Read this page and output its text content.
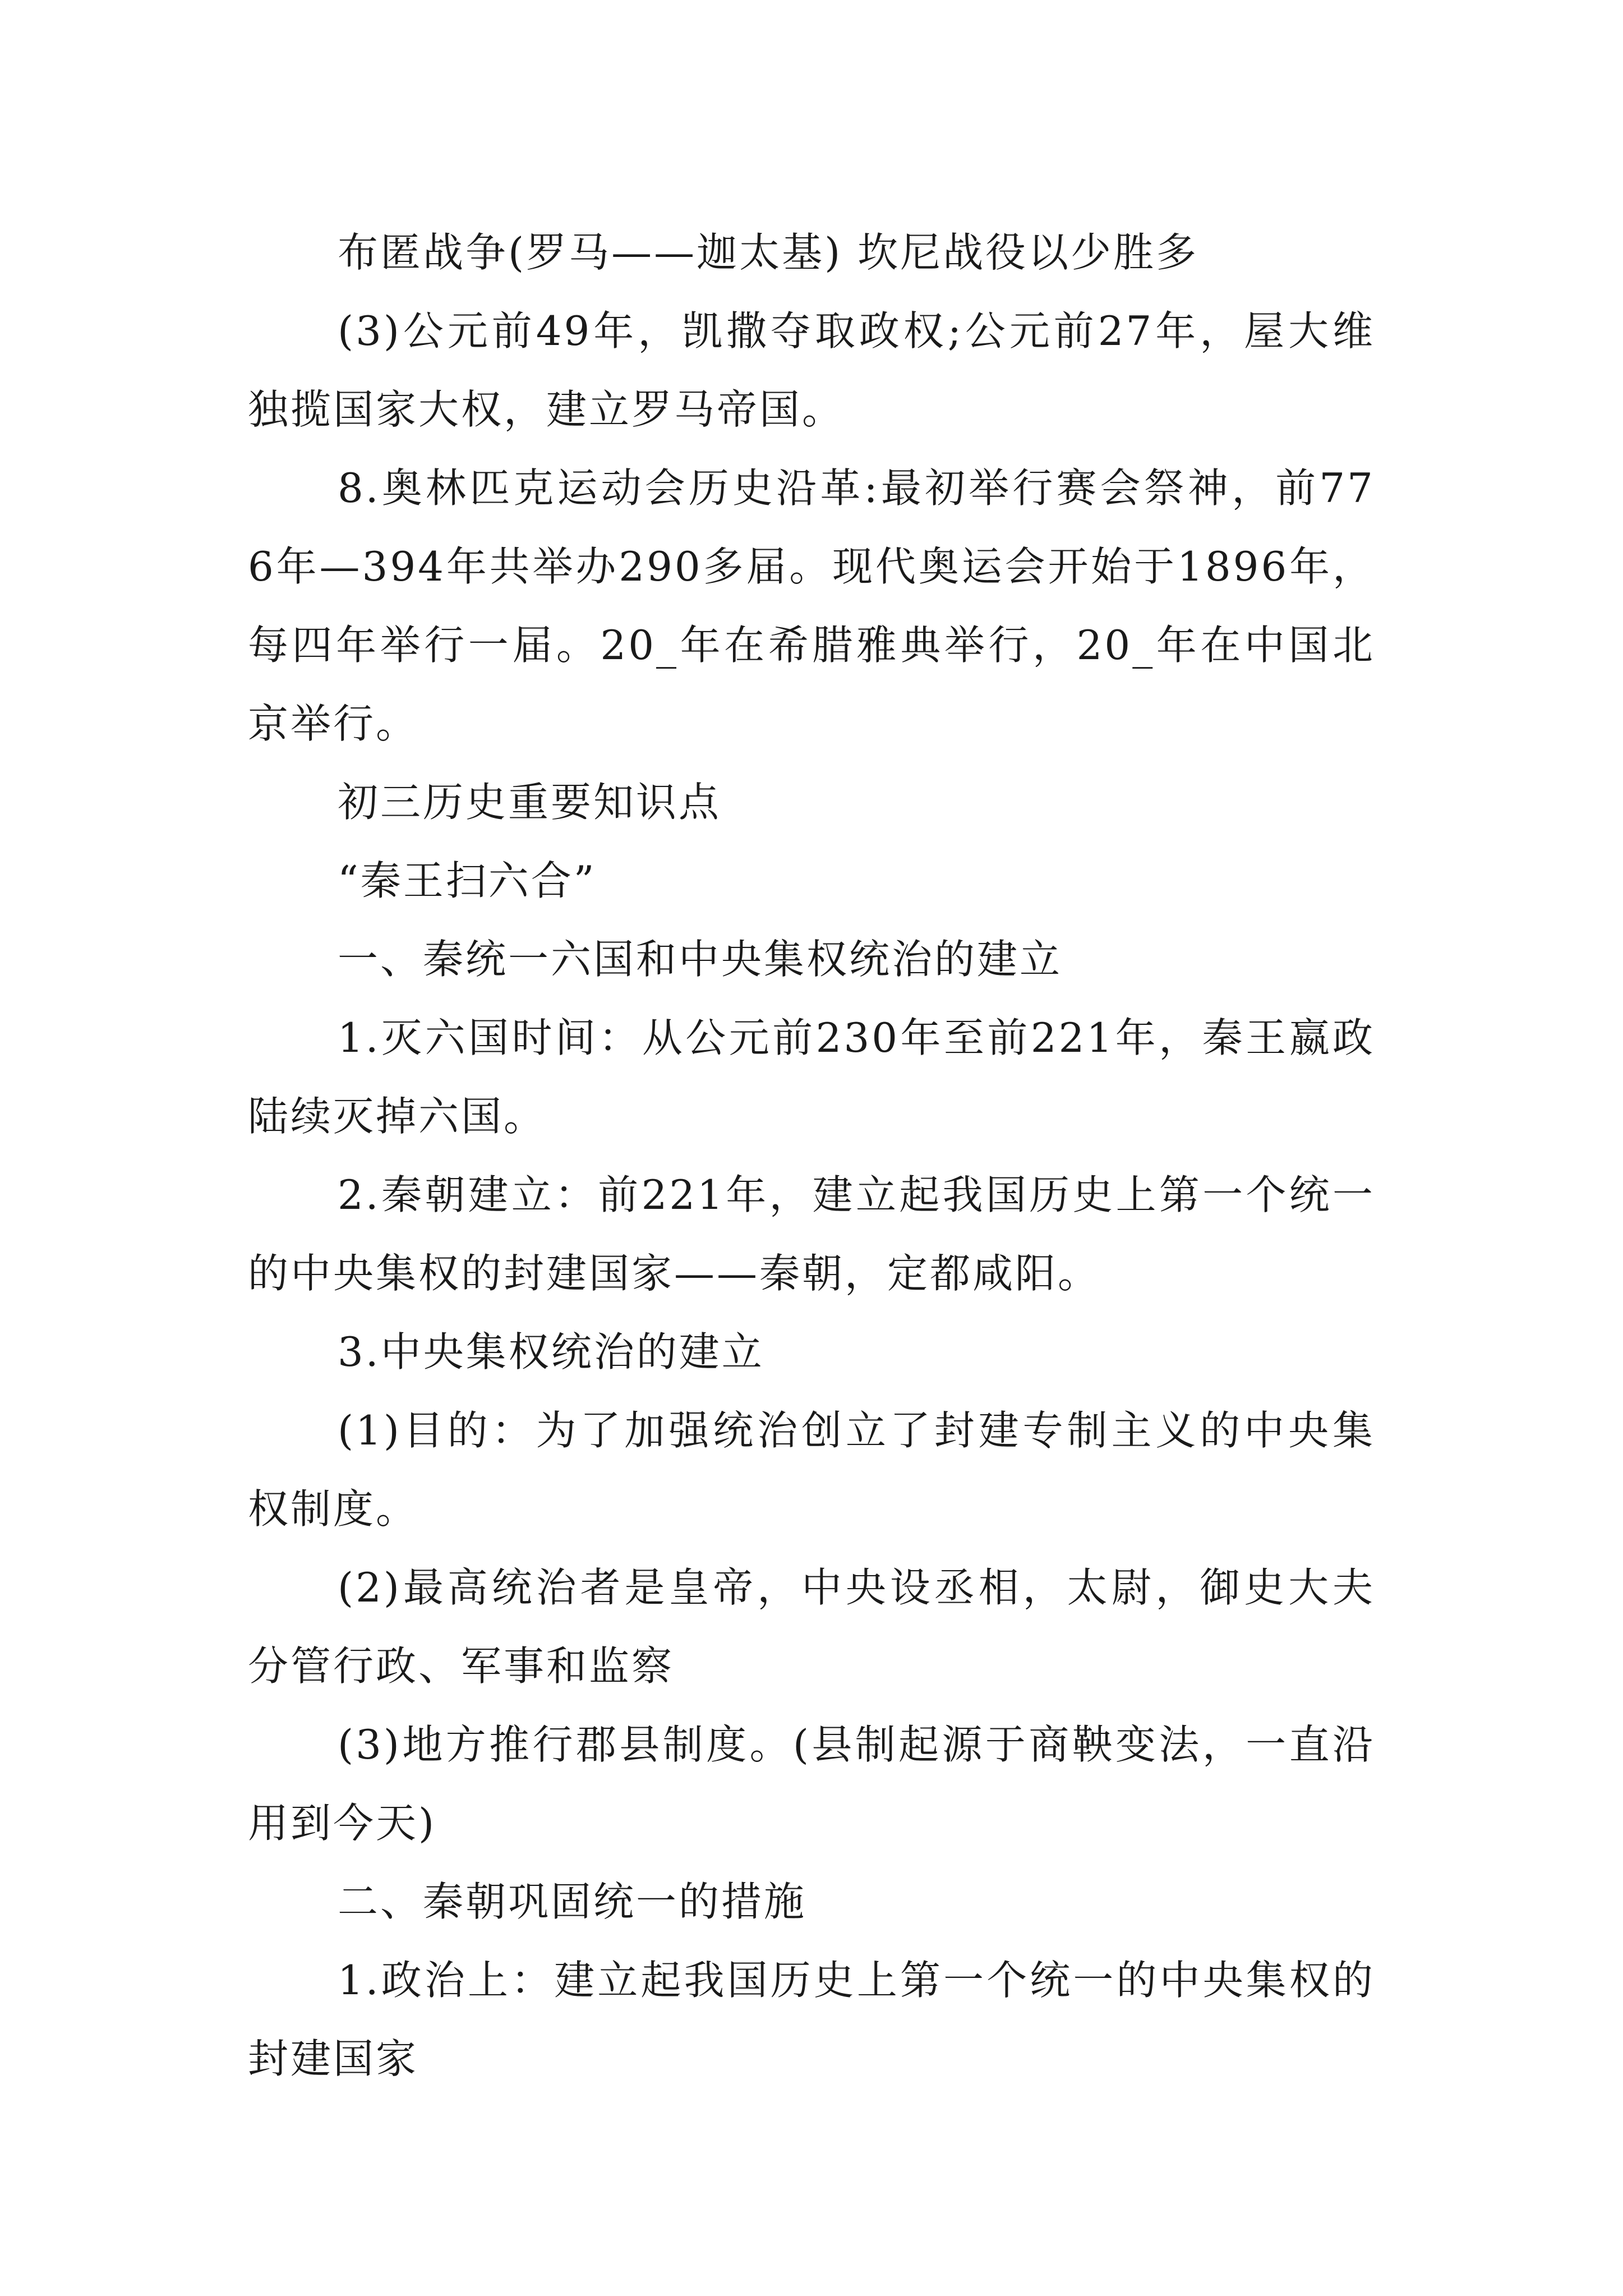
布匿战争(罗马——迦太基) 坎尼战役以少胜多

(3)公元前49年，凯撒夺取政权;公元前27年，屋大维独揽国家大权，建立罗马帝国。

8.奥林匹克运动会历史沿革:最初举行赛会祭神，前776年—394年共举办290多届。现代奥运会开始于1896年，每四年举行一届。20_年在希腊雅典举行，20_年在中国北京举行。

初三历史重要知识点

“秦王扫六合”

一、秦统一六国和中央集权统治的建立

1.灭六国时间：从公元前230年至前221年，秦王嬴政陆续灭掉六国。

2.秦朝建立：前221年，建立起我国历史上第一个统一的中央集权的封建国家——秦朝，定都咸阳。

3.中央集权统治的建立

(1)目的：为了加强统治创立了封建专制主义的中央集权制度。

(2)最高统治者是皇帝，中央设丞相，太尉，御史大夫分管行政、军事和监察

(3)地方推行郡县制度。(县制起源于商鞅变法，一直沿用到今天)

二、秦朝巩固统一的措施

1.政治上：建立起我国历史上第一个统一的中央集权的封建国家
